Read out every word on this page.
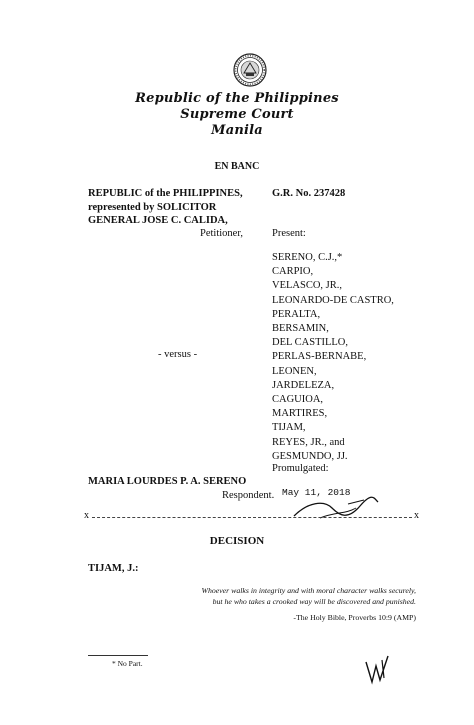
Republic of the Philippines
Supreme Court
Manila
EN BANC
REPUBLIC of the PHILIPPINES,
represented by SOLICITOR
GENERAL JOSE C. CALIDA,
Petitioner,
G.R. No. 237428
Present:
SERENO, C.J.,*
CARPIO,
VELASCO, JR.,
LEONARDO-DE CASTRO,
PERALTA,
BERSAMIN,
DEL CASTILLO,
PERLAS-BERNABE,
LEONEN,
JARDELEZA,
CAGUIOA,
MARTIRES,
TIJAM,
REYES, JR., and
GESMUNDO, JJ.
- versus -
MARIA LOURDES P. A. SERENO
Respondent.
Promulgated:
May 11, 2018
x	x
DECISION
TIJAM, J.:
Whoever walks in integrity and with moral character walks securely,
but he who takes a crooked way will be discovered and punished.
-The Holy Bible, Proverbs 10:9 (AMP)
* No Part.
